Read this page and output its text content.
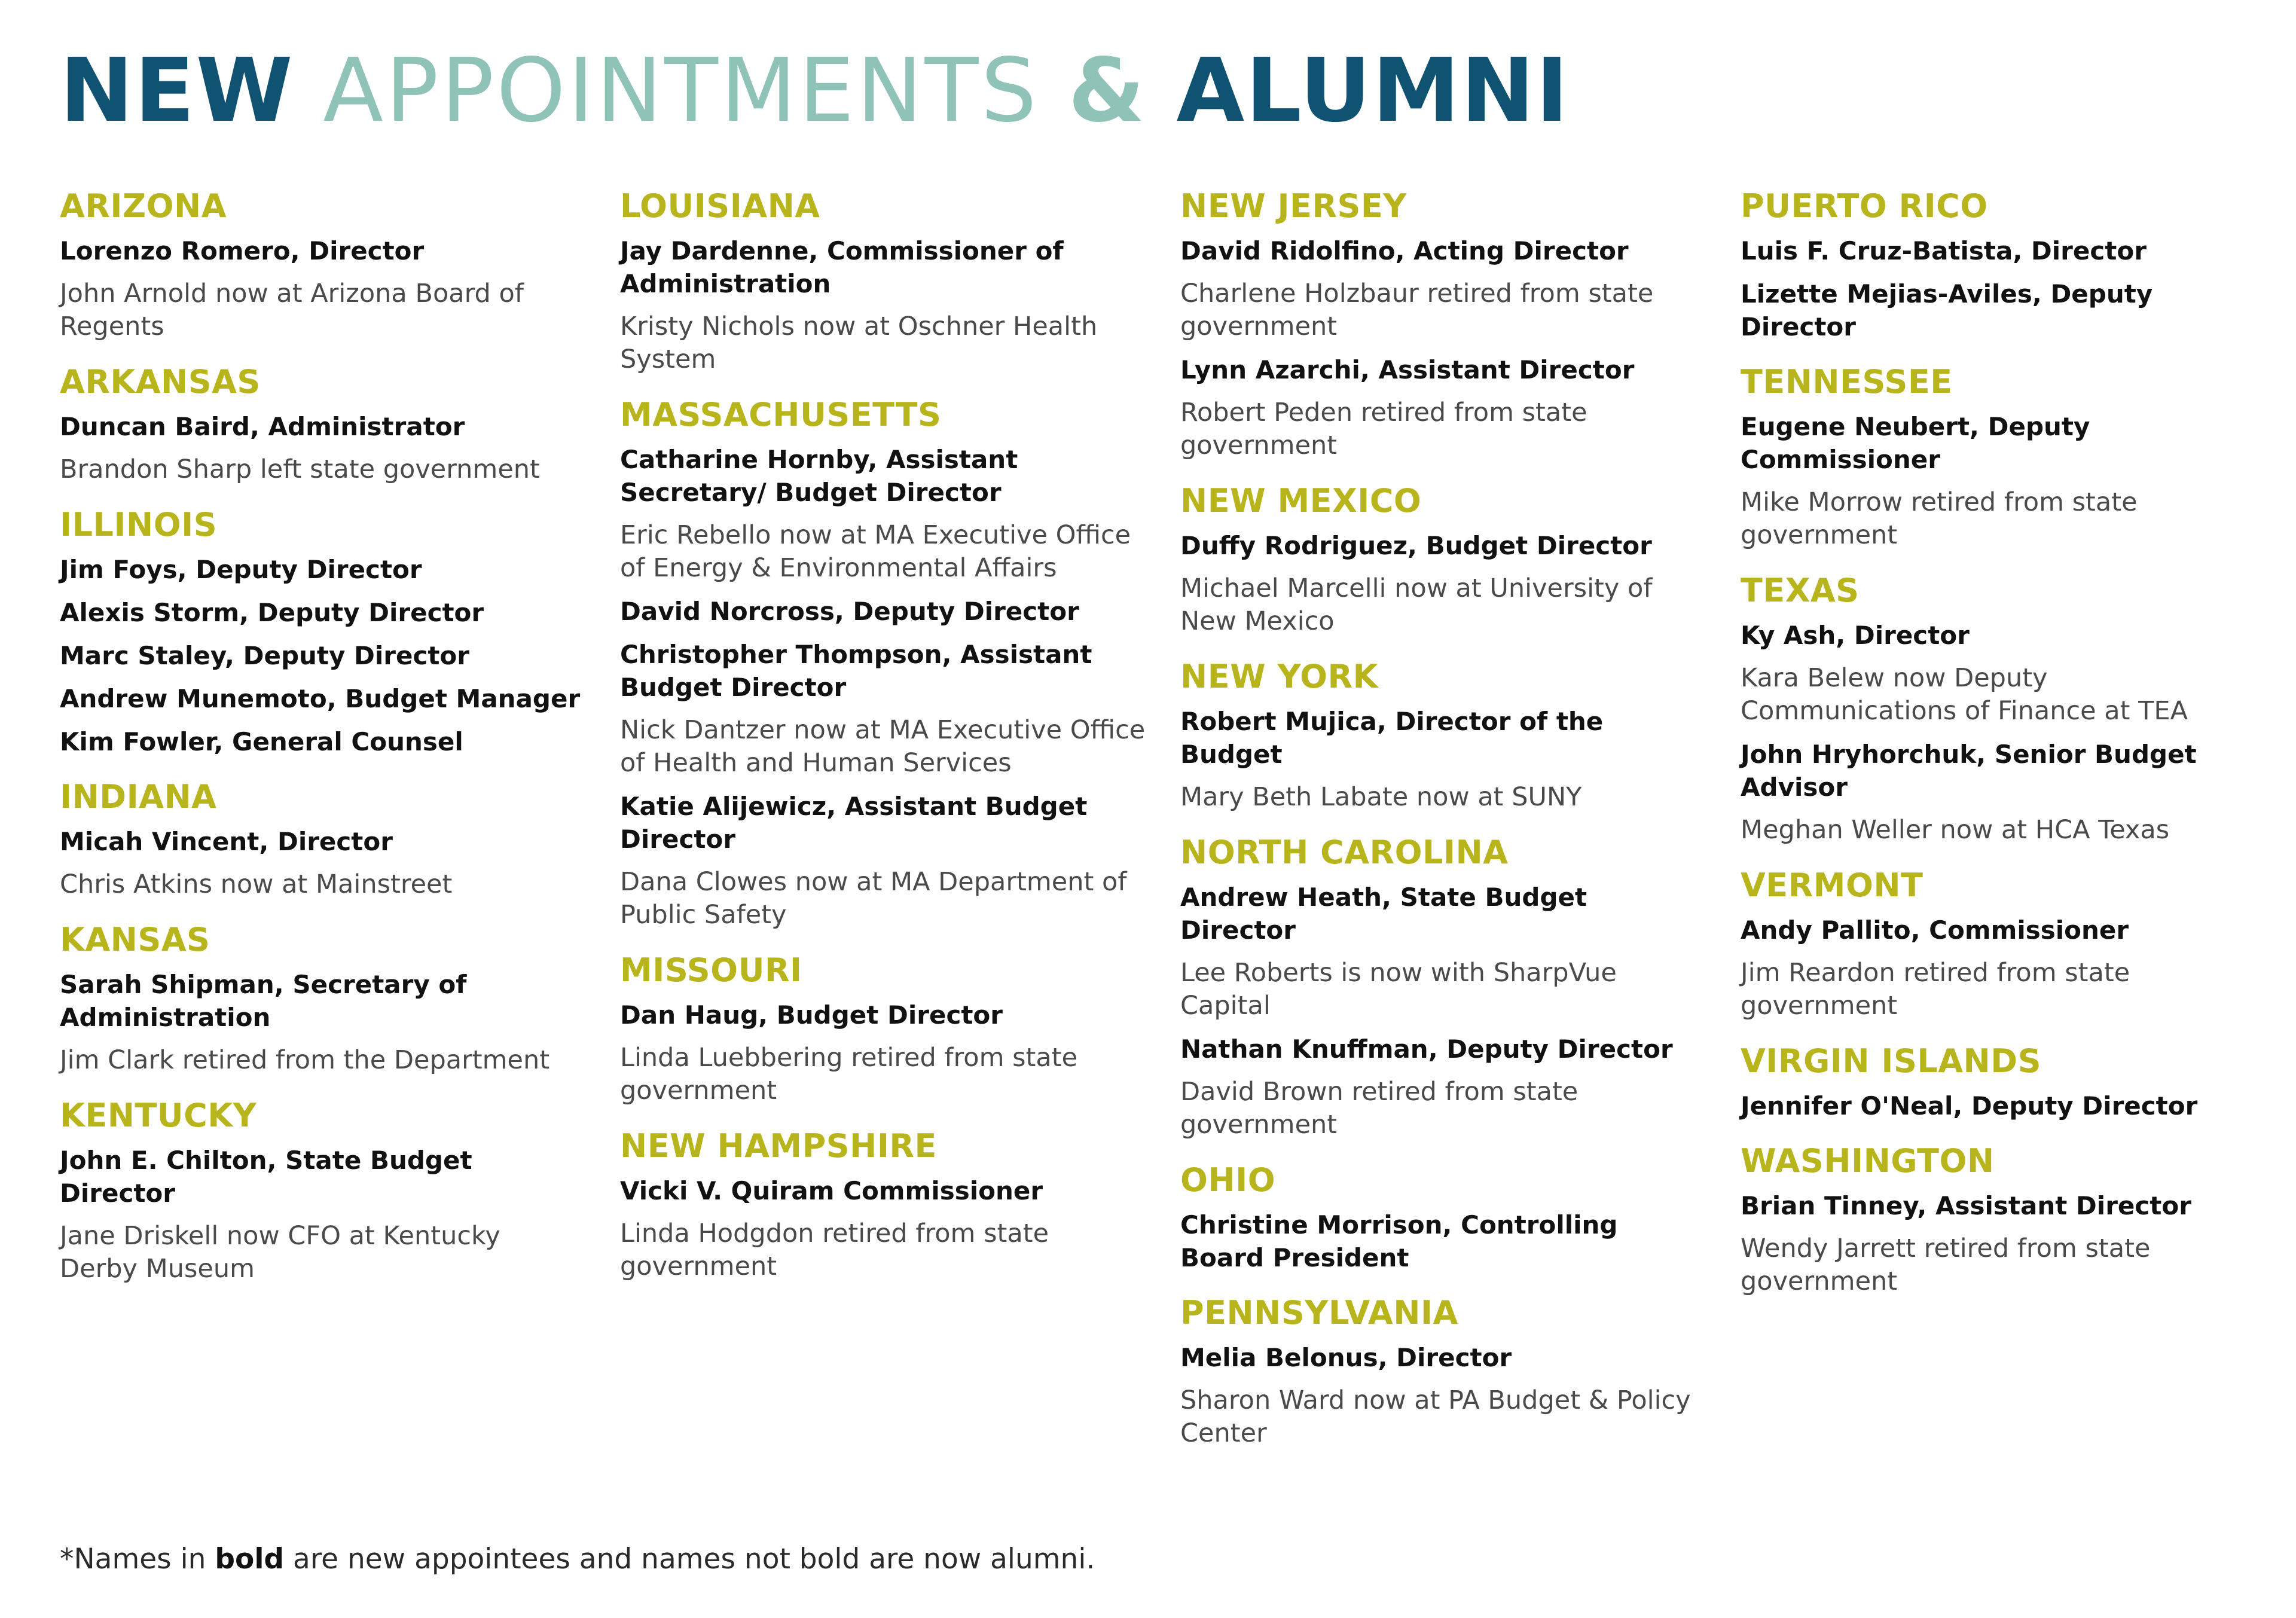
NEW APPOINTMENTS & ALUMNI
ARIZONA
Lorenzo Romero, Director
John Arnold now at Arizona Board of Regents
ARKANSAS
Duncan Baird, Administrator
Brandon Sharp left state government
ILLINOIS
Jim Foys, Deputy Director
Alexis Storm, Deputy Director
Marc Staley, Deputy Director
Andrew Munemoto, Budget Manager
Kim Fowler, General Counsel
INDIANA
Micah Vincent, Director
Chris Atkins now at Mainstreet
KANSAS
Sarah Shipman, Secretary of Administration
Jim Clark retired from the Department
KENTUCKY
John E. Chilton, State Budget Director
Jane Driskell now CFO at Kentucky Derby Museum
LOUISIANA
Jay Dardenne, Commissioner of Administration
Kristy Nichols now at Oschner Health System
MASSACHUSETTS
Catharine Hornby, Assistant Secretary/ Budget Director
Eric Rebello now at MA Executive Office of Energy & Environmental Affairs
David Norcross, Deputy Director
Christopher Thompson, Assistant Budget Director
Nick Dantzer now at MA Executive Office of Health and Human Services
Katie Alijewicz, Assistant Budget Director
Dana Clowes now at MA Department of Public Safety
MISSOURI
Dan Haug, Budget Director
Linda Luebbering retired from state government
NEW HAMPSHIRE
Vicki V. Quiram Commissioner
Linda Hodgdon retired from state government
NEW JERSEY
David Ridolfino, Acting Director
Charlene Holzbaur retired from state government
Lynn Azarchi, Assistant Director
Robert Peden retired from state government
NEW MEXICO
Duffy Rodriguez, Budget Director
Michael Marcelli now at University of New Mexico
NEW YORK
Robert Mujica, Director of the Budget
Mary Beth Labate now at SUNY
NORTH CAROLINA
Andrew Heath, State Budget Director
Lee Roberts is now with SharpVue Capital
Nathan Knuffman, Deputy Director
David Brown retired from state government
OHIO
Christine Morrison, Controlling Board President
PENNSYLVANIA
Melia Belonus, Director
Sharon Ward now at PA Budget & Policy Center
PUERTO RICO
Luis F. Cruz-Batista, Director
Lizette Mejias-Aviles, Deputy Director
TENNESSEE
Eugene Neubert, Deputy Commissioner
Mike Morrow retired from state government
TEXAS
Ky Ash, Director
Kara Belew now Deputy Communications of Finance at TEA
John Hryhorchuk, Senior Budget Advisor
Meghan Weller now at HCA Texas
VERMONT
Andy Pallito, Commissioner
Jim Reardon retired from state government
VIRGIN ISLANDS
Jennifer O'Neal, Deputy Director
WASHINGTON
Brian Tinney, Assistant Director
Wendy Jarrett retired from state government
*Names in bold are new appointees and names not bold are now alumni.
